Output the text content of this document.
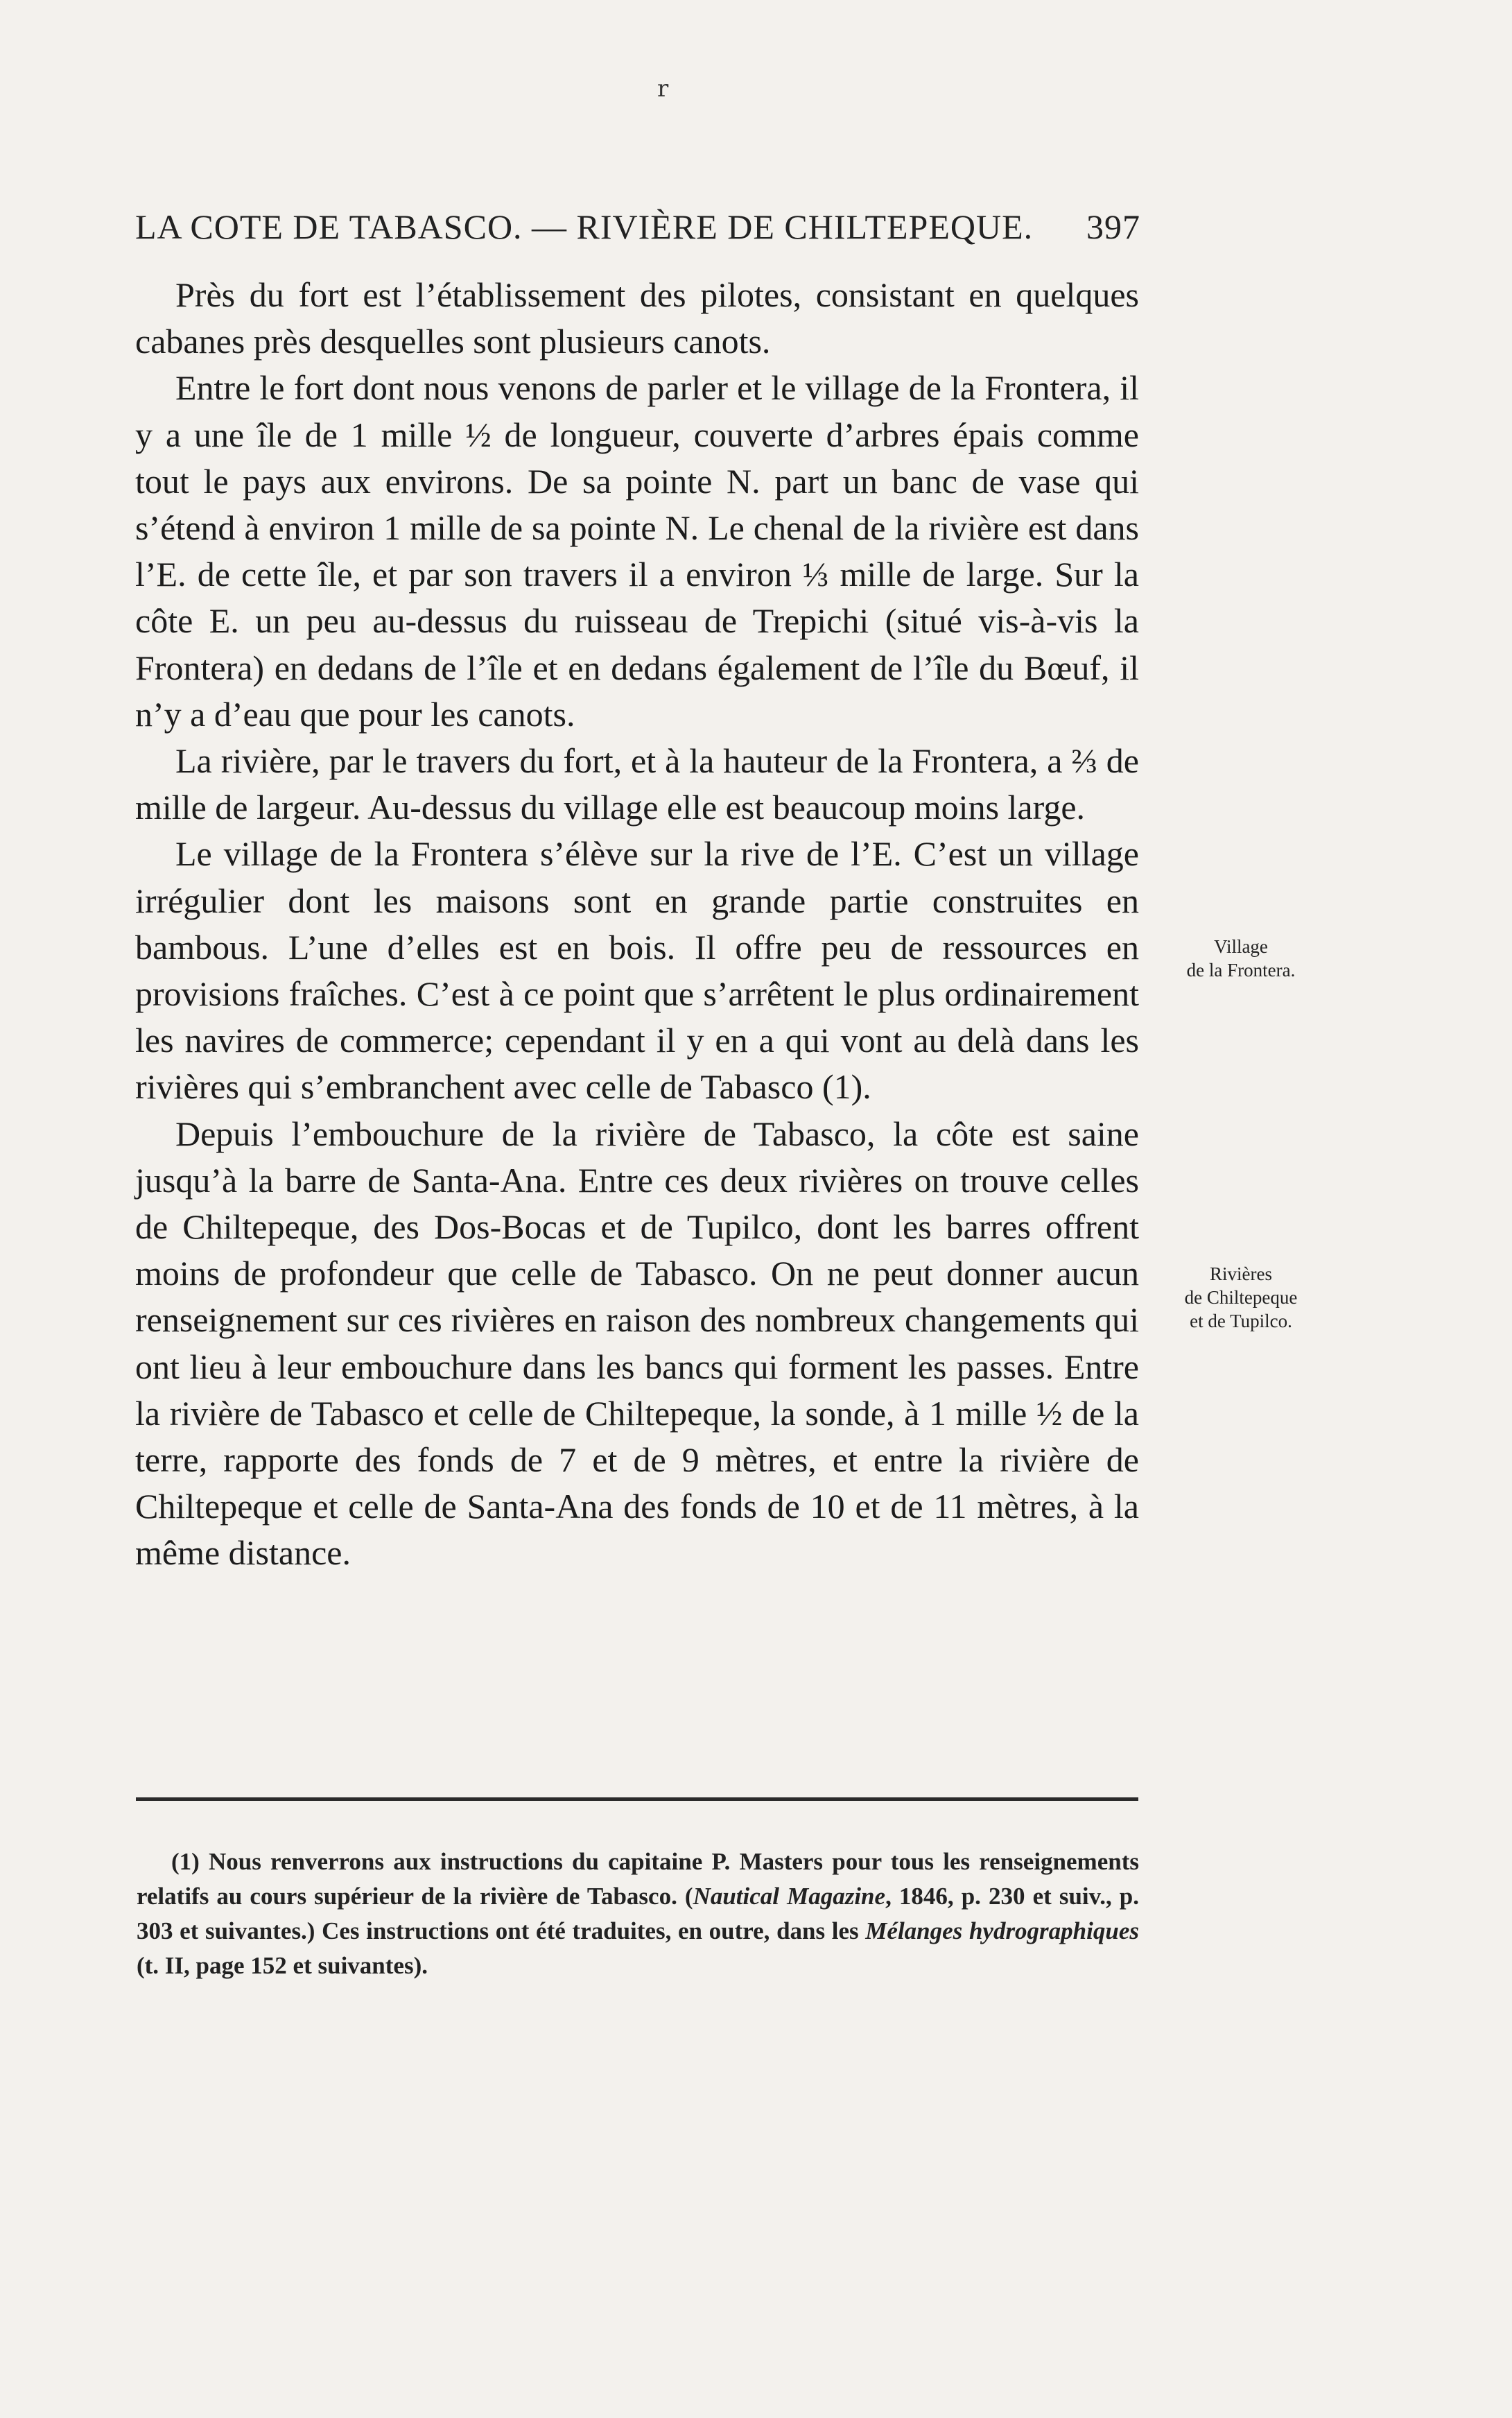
r
LA COTE DE TABASCO. — RIVIÈRE DE CHILTEPEQUE. 397

Près du fort est l’établissement des pilotes, consistant en quelques cabanes près desquelles sont plusieurs canots.

Entre le fort dont nous venons de parler et le village de la Frontera, il y a une île de 1 mille ½ de longueur, couverte d’arbres épais comme tout le pays aux environs. De sa pointe N. part un banc de vase qui s’étend à environ 1 mille de sa pointe N. Le chenal de la rivière est dans l’E. de cette île, et par son travers il a environ ⅓ mille de large. Sur la côte E. un peu au-dessus du ruisseau de Trepichi (situé vis-à-vis la Frontera) en dedans de l’île et en dedans également de l’île du Bœuf, il n’y a d’eau que pour les canots.

La rivière, par le travers du fort, et à la hauteur de la Frontera, a ⅔ de mille de largeur. Au-dessus du village elle est beaucoup moins large.

Le village de la Frontera s’élève sur la rive de l’E. C’est un village irrégulier dont les maisons sont en grande partie construites en bambous. L’une d’elles est en bois. Il offre peu de ressources en provisions fraîches. C’est à ce point que s’arrêtent le plus ordinairement les navires de commerce; cependant il y en a qui vont au delà dans les rivières qui s’embranchent avec celle de Tabasco (1).

Depuis l’embouchure de la rivière de Tabasco, la côte est saine jusqu’à la barre de Santa-Ana. Entre ces deux rivières on trouve celles de Chiltepeque, des Dos-Bocas et de Tupilco, dont les barres offrent moins de profondeur que celle de Tabasco. On ne peut donner aucun renseignement sur ces rivières en raison des nombreux changements qui ont lieu à leur embouchure dans les bancs qui forment les passes. Entre la rivière de Tabasco et celle de Chiltepeque, la sonde, à 1 mille ½ de la terre, rapporte des fonds de 7 et de 9 mètres, et entre la rivière de Chiltepeque et celle de Santa-Ana des fonds de 10 et de 11 mètres, à la même distance.

Village
de la Frontera.
Rivières
de Chiltepeque
et de Tupilco.

(1) Nous renverrons aux instructions du capitaine P. Masters pour tous les renseignements relatifs au cours supérieur de la rivière de Tabasco. (Nautical Magazine, 1846, p. 230 et suiv., p. 303 et suivantes.) Ces instructions ont été traduites, en outre, dans les Mélanges hydrographiques (t. II, page 152 et suivantes).
